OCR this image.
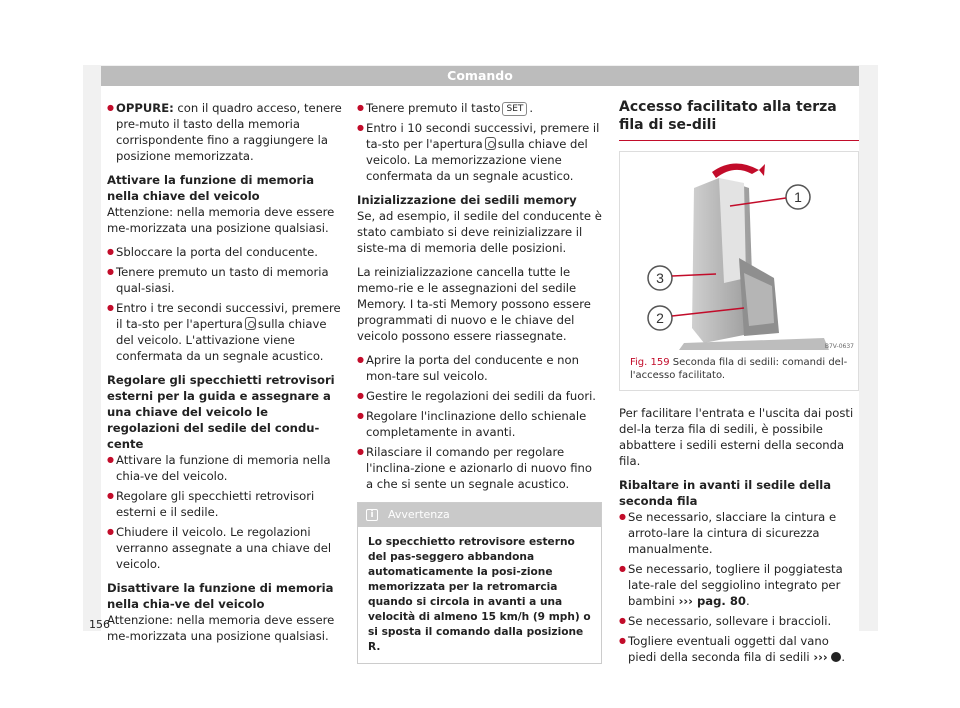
Comando
● OPPURE: con il quadro acceso, tenere pre-muto il tasto della memoria corrispondente fino a raggiungere la posizione memorizzata.

Attivare la funzione di memoria nella chiave del veicolo

Attenzione: nella memoria deve essere me-morizzata una posizione qualsiasi.

● Sbloccare la porta del conducente.
● Tenere premuto un tasto di memoria qual-siasi.
● Entro i tre secondi successivi, premere il ta-sto per l'apertura sulla chiave del veicolo. L'attivazione viene confermata da un segnale acustico.

Regolare gli specchietti retrovisori esterni per la guida e assegnare a una chiave del veicolo le regolazioni del sedile del condu-cente

● Attivare la funzione di memoria nella chia-ve del veicolo.
● Regolare gli specchietti retrovisori esterni e il sedile.
● Chiudere il veicolo. Le regolazioni verranno assegnate a una chiave del veicolo.

Disattivare la funzione di memoria nella chia-ve del veicolo

Attenzione: nella memoria deve essere me-morizzata una posizione qualsiasi.

● Tenere premuto il tasto SET .
● Entro i 10 secondi successivi, premere il ta-sto per l'apertura sulla chiave del veicolo. La memorizzazione viene confermata da un segnale acustico.

Inizializzazione dei sedili memory

Se, ad esempio, il sedile del conducente è stato cambiato si deve reinizializzare il siste-ma di memoria delle posizioni.

La reinizializzazione cancella tutte le memo-rie e le assegnazioni del sedile Memory. I ta-sti Memory possono essere programmati di nuovo e le chiave del veicolo possono essere riassegnate.

● Aprire la porta del conducente e non mon-tare sul veicolo.
● Gestire le regolazioni dei sedili da fuori.
● Regolare l'inclinazione dello schienale completamente in avanti.
● Rilasciare il comando per regolare l'inclina-zione e azionarlo di nuovo fino a che si sente un segnale acustico.
i	Avvertenza
Lo specchietto retrovisore esterno del pas-seggero abbandona automaticamente la posi-zione memorizzata per la retromarcia quando si circola in avanti a una velocità di almeno 15 km/h (9 mph) o si sposta il comando dalla posizione R.
Accesso facilitato alla terza fila di se-dili
1
3
2
B7V-0637
Fig. 159 Seconda fila di sedili: comandi del-l'accesso facilitato.

Per facilitare l'entrata e l'uscita dai posti del-la terza fila di sedili, è possibile abbattere i sedili esterni della seconda fila.

Ribaltare in avanti il sedile della seconda fila

● Se necessario, slacciare la cintura e arroto-lare la cintura di sicurezza manualmente.
● Se necessario, togliere il poggiatesta late-rale del seggiolino integrato per bambini ››› pag. 80.
● Se necessario, sollevare i braccioli.
● Togliere eventuali oggetti dal vano piedi della seconda fila di sedili ››› .
156
